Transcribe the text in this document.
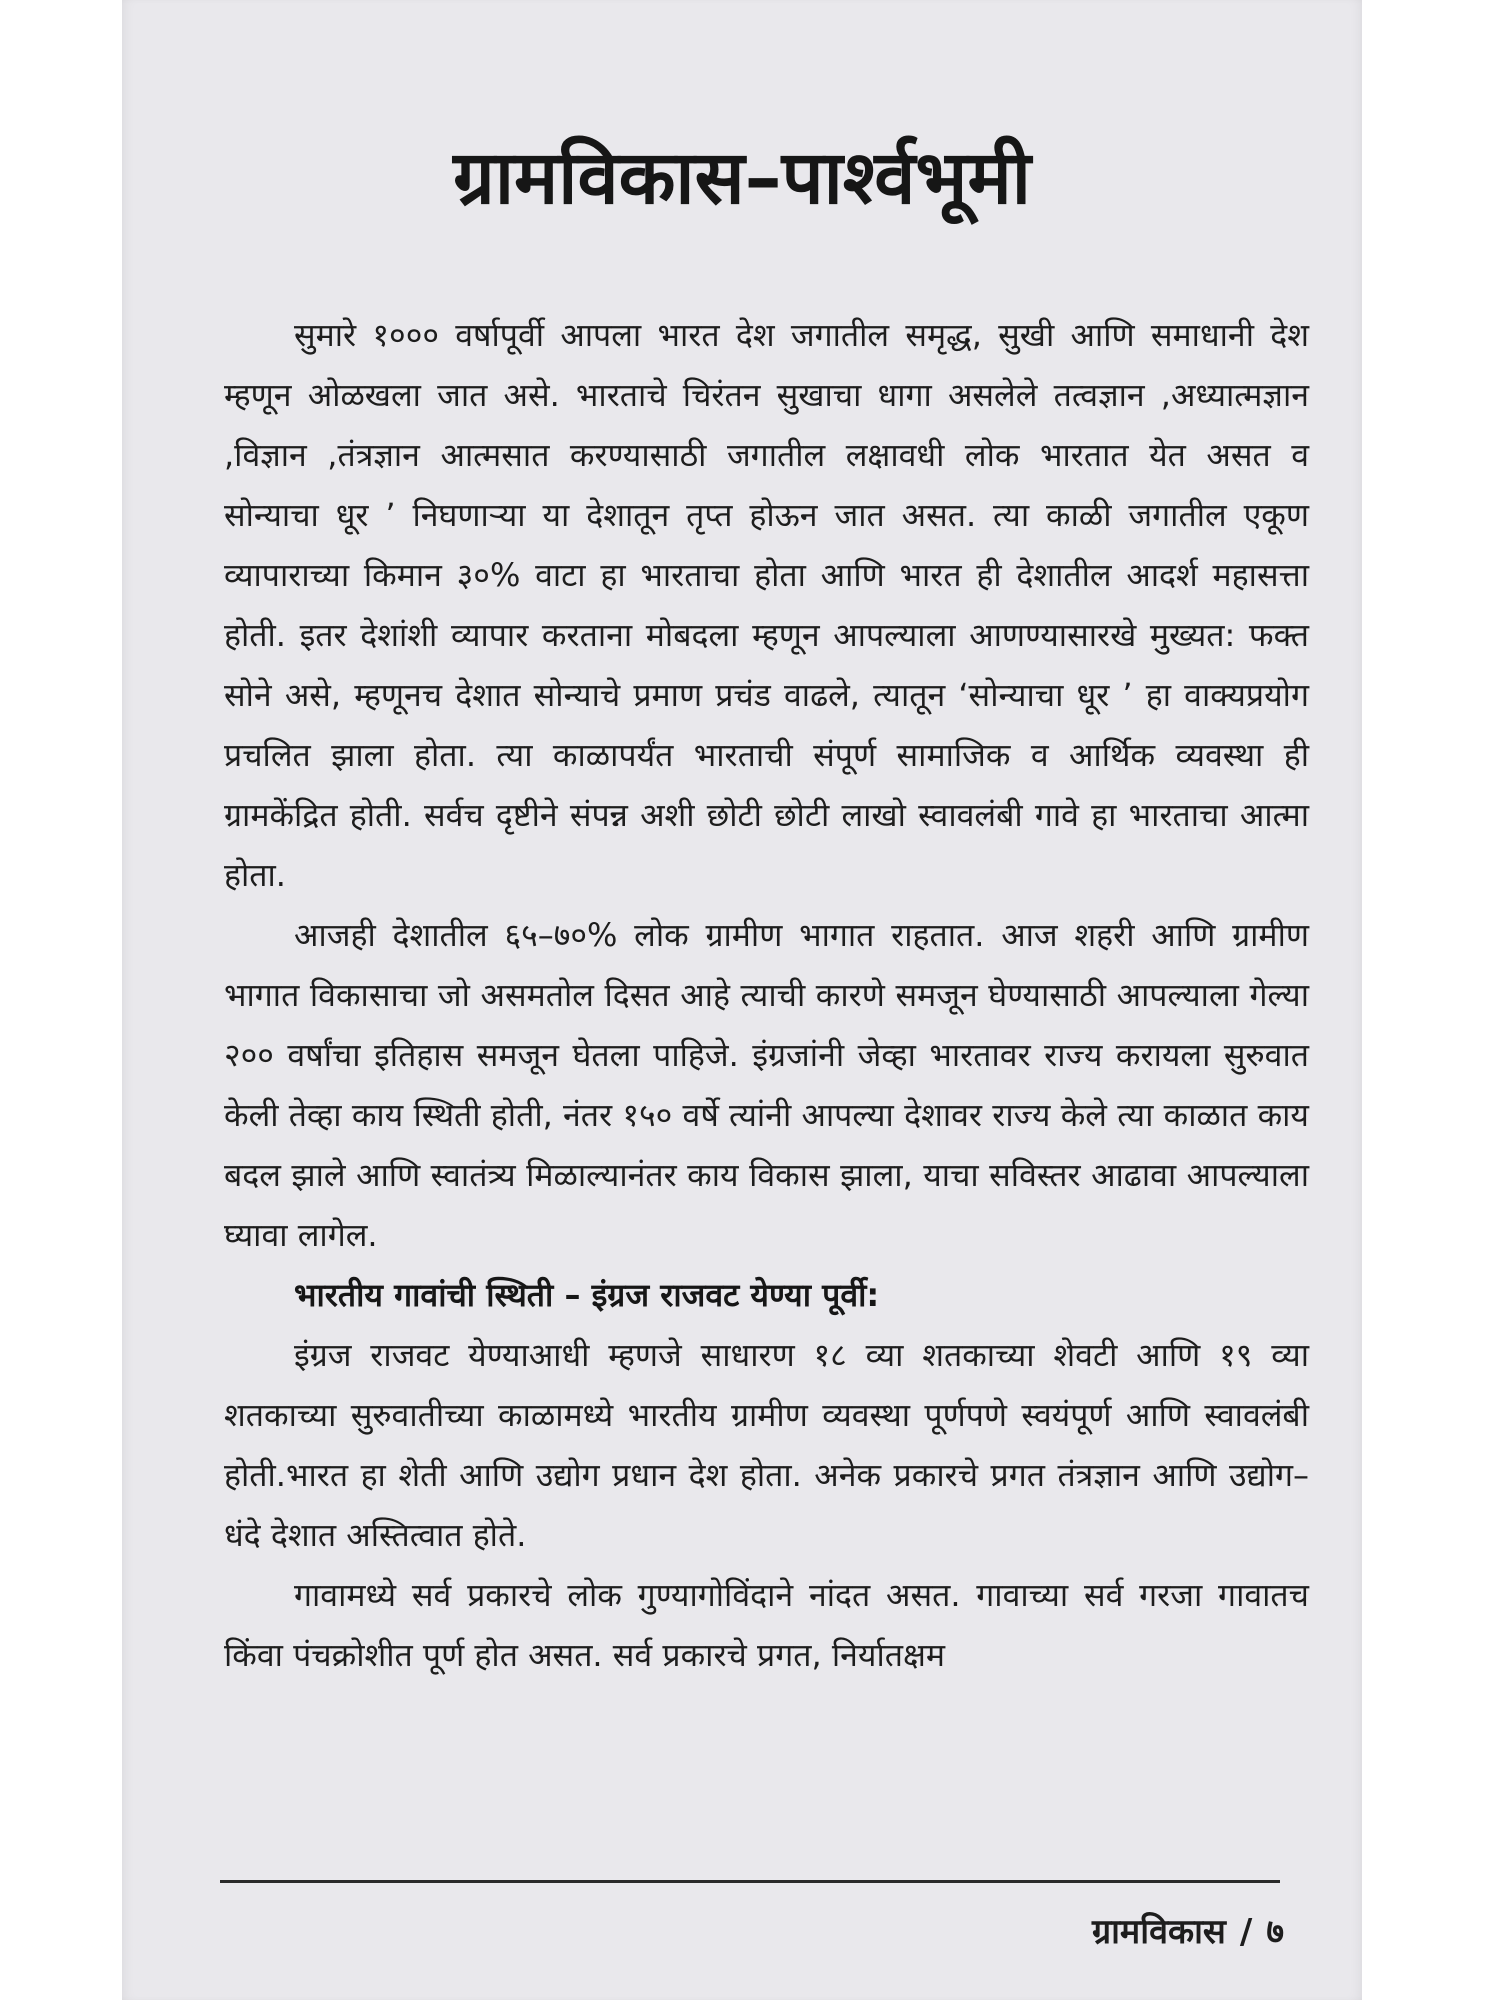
ग्रामविकास–पार्श्वभूमी

सुमारे १००० वर्षापूर्वी आपला भारत देश जगातील समृद्ध, सुखी आणि समाधानी देश म्हणून ओळखला जात असे. भारताचे चिरंतन सुखाचा धागा असलेले तत्वज्ञान ,अध्यात्मज्ञान ,विज्ञान ,तंत्रज्ञान आत्मसात करण्यासाठी जगातील लक्षावधी लोक भारतात येत असत व सोन्याचा धूर ’ निघणाऱ्या या देशातून तृप्त होऊन जात असत. त्या काळी जगातील एकूण व्यापाराच्या किमान ३०% वाटा हा भारताचा होता आणि भारत ही देशातील आदर्श महासत्ता होती. इतर देशांशी व्यापार करताना मोबदला म्हणून आपल्याला आणण्यासारखे मुख्यत: फक्त सोने असे, म्हणूनच देशात सोन्याचे प्रमाण प्रचंड वाढले, त्यातून ‘सोन्याचा धूर ’ हा वाक्यप्रयोग प्रचलित झाला होता. त्या काळापर्यंत भारताची संपूर्ण सामाजिक व आर्थिक व्यवस्था ही ग्रामकेंद्रित होती. सर्वच दृष्टीने संपन्न अशी छोटी छोटी लाखो स्वावलंबी गावे हा भारताचा आत्मा होता.

आजही देशातील ६५–७०% लोक ग्रामीण भागात राहतात. आज शहरी आणि ग्रामीण भागात विकासाचा जो असमतोल दिसत आहे त्याची कारणे समजून घेण्यासाठी आपल्याला गेल्या २०० वर्षांचा इतिहास समजून घेतला पाहिजे. इंग्रजांनी जेव्हा भारतावर राज्य करायला सुरुवात केली तेव्हा काय स्थिती होती, नंतर १५० वर्षे त्यांनी आपल्या देशावर राज्य केले त्या काळात काय बदल झाले आणि स्वातंत्र्य मिळाल्यानंतर काय विकास झाला, याचा सविस्तर आढावा आपल्याला घ्यावा लागेल.

भारतीय गावांची स्थिती – इंग्रज राजवट येण्या पूर्वी:

इंग्रज राजवट येण्याआधी म्हणजे साधारण १८ व्या शतकाच्या शेवटी आणि १९ व्या शतकाच्या सुरुवातीच्या काळामध्ये भारतीय ग्रामीण व्यवस्था पूर्णपणे स्वयंपूर्ण आणि स्वावलंबी होती.भारत हा शेती आणि उद्योग प्रधान देश होता. अनेक प्रकारचे प्रगत तंत्रज्ञान आणि उद्योग–धंदे देशात अस्तित्वात होते.

गावामध्ये सर्व प्रकारचे लोक गुण्यागोविंदाने नांदत असत. गावाच्या सर्व गरजा गावातच किंवा पंचक्रोशीत पूर्ण होत असत. सर्व प्रकारचे प्रगत, निर्यातक्षम

ग्रामविकास / ७
